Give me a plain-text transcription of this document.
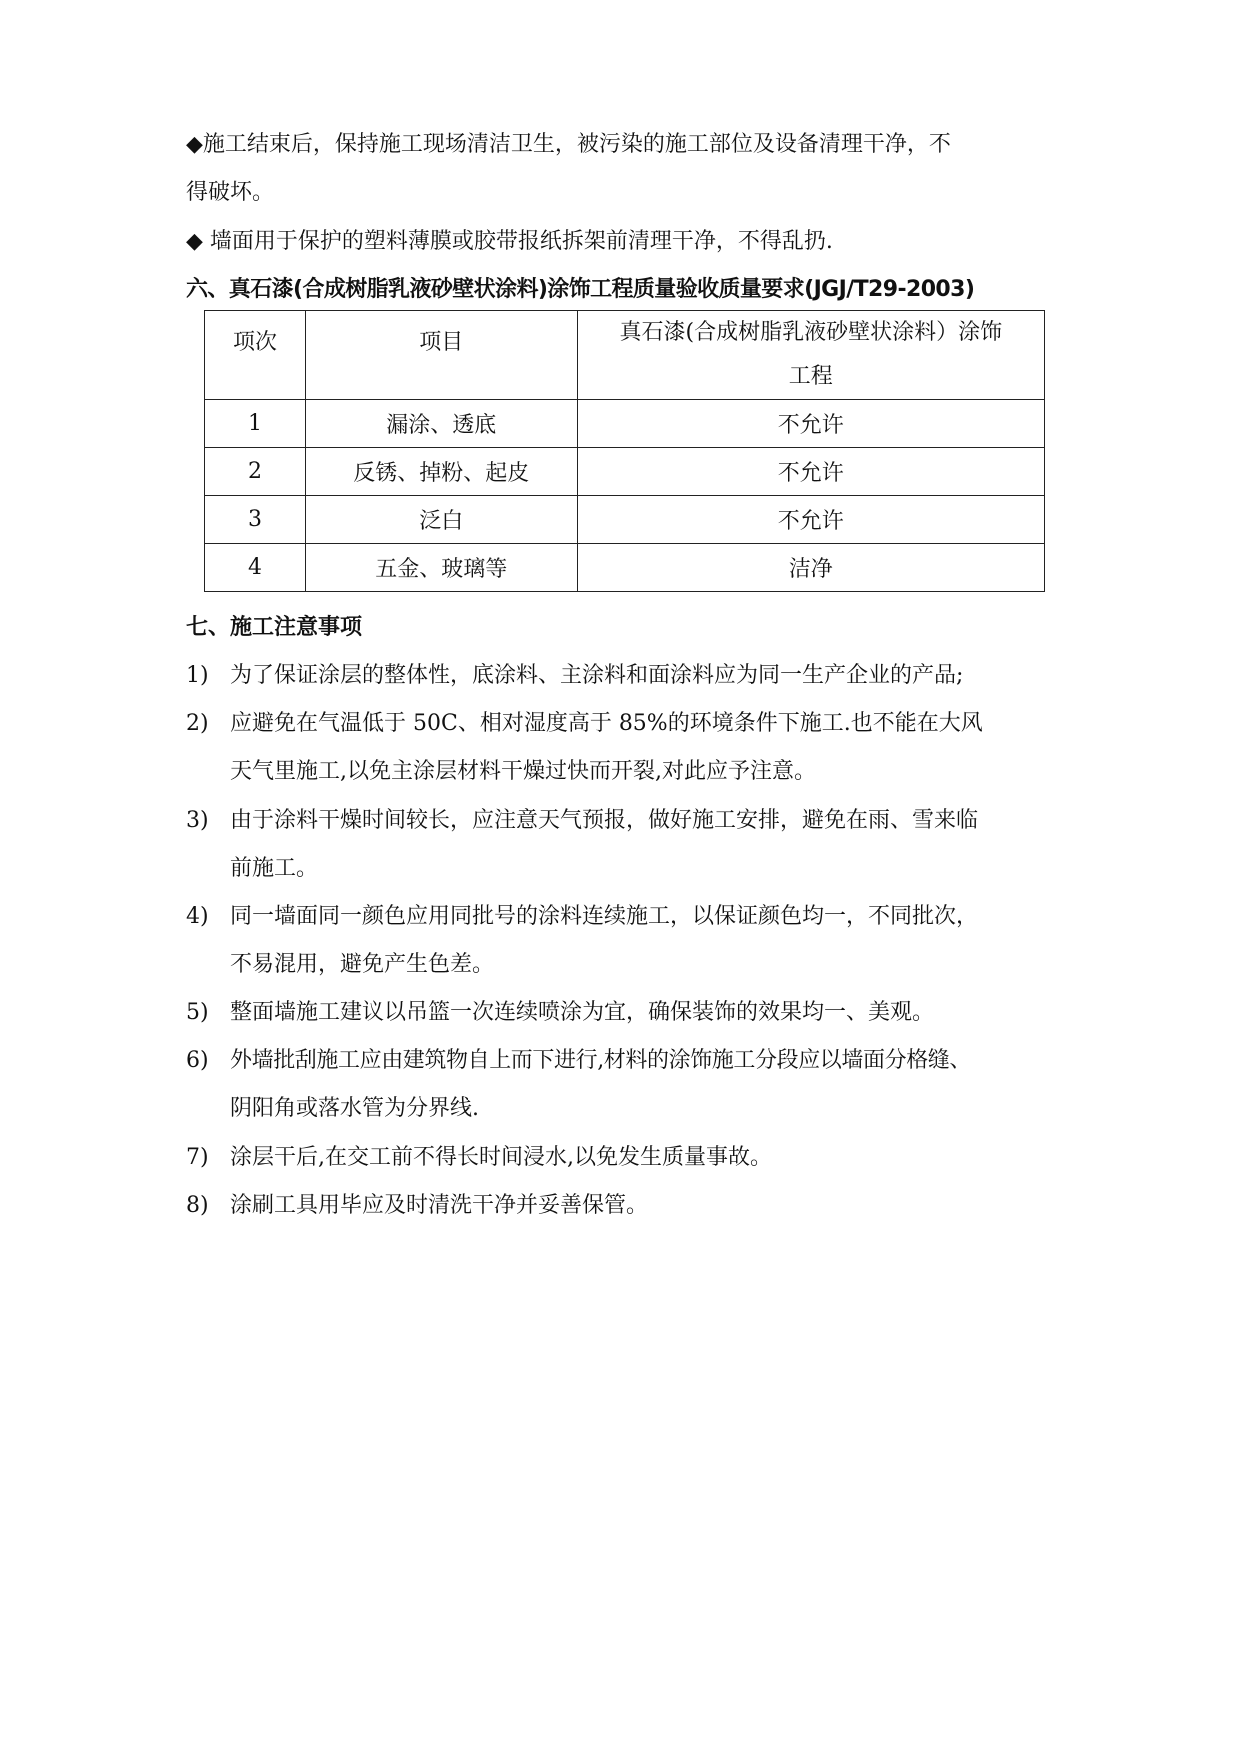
◆施工结束后，保持施工现场清洁卫生，被污染的施工部位及设备清理干净，不
得破坏。
◆ 墙面用于保护的塑料薄膜或胶带报纸拆架前清理干净，不得乱扔.
六、真石漆(合成树脂乳液砂壁状涂料)涂饰工程质量验收质量要求(JGJ/T29-2003)
项次	项目	真石漆(合成树脂乳液砂壁状涂料）涂饰
工程

1	漏涂、透底	不允许
2	反锈、掉粉、起皮	不允许
3	泛白	不允许
4	五金、玻璃等	洁净
七、施工注意事项
1) 为了保证涂层的整体性，底涂料、主涂料和面涂料应为同一生产企业的产品;
2) 应避免在气温低于 50C、相对湿度高于 85%的环境条件下施工.也不能在大风
天气里施工,以免主涂层材料干燥过快而开裂,对此应予注意。
3) 由于涂料干燥时间较长，应注意天气预报，做好施工安排，避免在雨、雪来临
前施工。
4) 同一墙面同一颜色应用同批号的涂料连续施工，以保证颜色均一，不同批次，
不易混用，避免产生色差。
5) 整面墙施工建议以吊篮一次连续喷涂为宜，确保装饰的效果均一、美观。
6) 外墙批刮施工应由建筑物自上而下进行,材料的涂饰施工分段应以墙面分格缝、
阴阳角或落水管为分界线.
7) 涂层干后,在交工前不得长时间浸水,以免发生质量事故。
8) 涂刷工具用毕应及时清洗干净并妥善保管。
